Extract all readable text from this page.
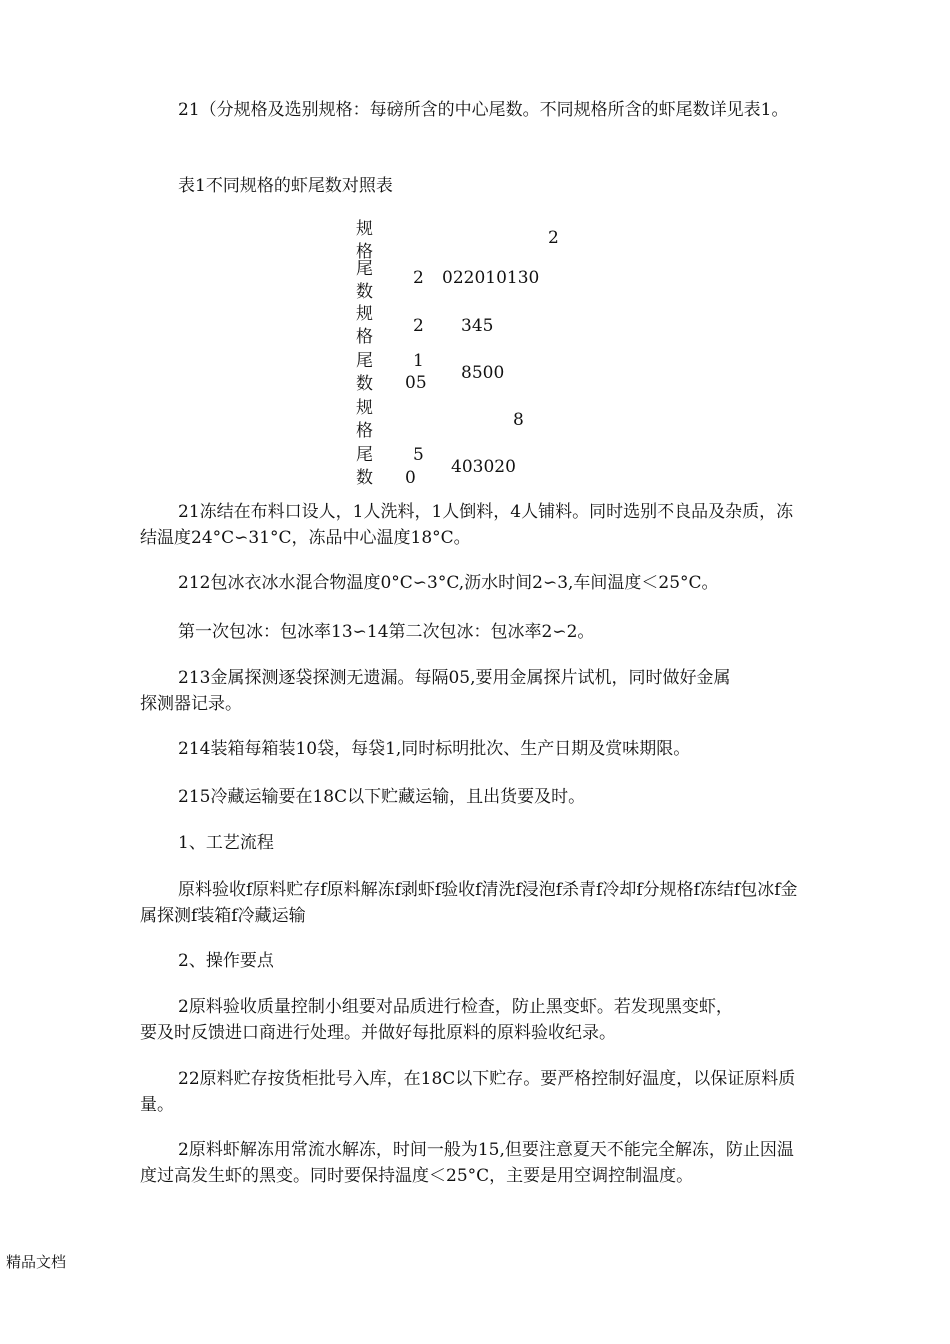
21（分规格及选别规格：每磅所含的中心尾数。不同规格所含的虾尾数详见表1。

表1不同规格的虾尾数对照表

规格
尾数
规格
尾数
规格
尾数
2
2 022010130
2 345
1
05 8500
8
5
0
403020

21冻结在布料口设人，1人洗料，1人倒料，4人铺料。同时选别不良品及杂质，冻结温度24°C∽31°C，冻品中心温度18°C。

212包冰衣冰水混合物温度0°C∽3°C,沥水时间2∽3,车间温度＜25°C。

第一次包冰：包冰率13∽14第二次包冰：包冰率2∽2。

213金属探测逐袋探测无遗漏。每隔05,要用金属探片试机，同时做好金属探测器记录。

214装箱每箱装10袋，每袋1,同时标明批次、生产日期及赏味期限。

215冷藏运输要在18C以下贮藏运输，且出货要及时。

1、工艺流程

原料验收f原料贮存f原料解冻f剥虾f验收f清洗f浸泡f杀青f冷却f分规格f冻结f包冰f金属探测f装箱f冷藏运输

2、操作要点

2原料验收质量控制小组要对品质进行检查，防止黑变虾。若发现黑变虾，要及时反馈进口商进行处理。并做好每批原料的原料验收纪录。

22原料贮存按货柜批号入库，在18C以下贮存。要严格控制好温度，以保证原料质量。

2原料虾解冻用常流水解冻，时间一般为15,但要注意夏天不能完全解冻，防止因温度过高发生虾的黑变。同时要保持温度＜25°C，主要是用空调控制温度。

精品文档
